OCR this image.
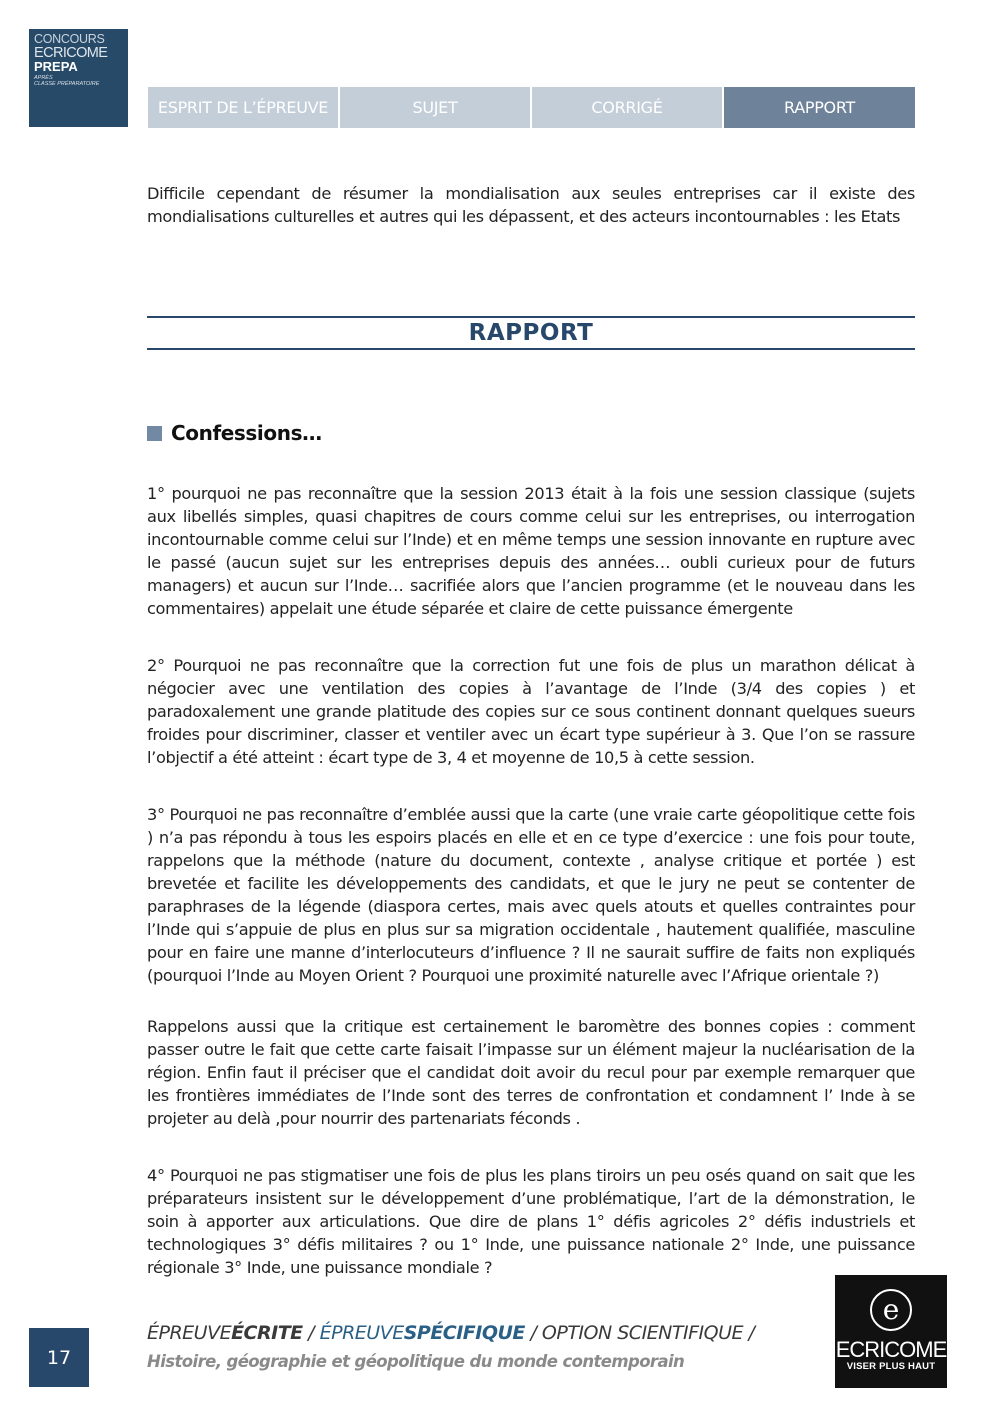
CONCOURS
ECRICOME
PREPA
APRÈS
CLASSE PRÉPARATOIRE
ESPRIT DE L’ÉPREUVE	SUJET	CORRIGÉ	RAPPORT

Difficile cependant de résumer la mondialisation aux seules entreprises car il existe des mondialisations culturelles et autres qui les dépassent, et des acteurs incontournables : les Etats

RAPPORT
Confessions…

1° pourquoi ne pas reconnaître que la session 2013 était à la fois une session classique (sujets aux libellés simples, quasi chapitres de cours comme celui sur les entreprises, ou interrogation incontournable comme celui sur l’Inde) et en même temps une session innovante en rupture avec le passé (aucun sujet sur les entreprises depuis des années… oubli curieux pour de futurs managers) et aucun sur l’Inde… sacrifiée alors que l’ancien programme (et le nouveau dans les commentaires) appelait une étude séparée et claire de cette puissance émergente

2° Pourquoi ne pas reconnaître que la correction fut une fois de plus un marathon délicat à négocier avec une ventilation des copies à l’avantage de l’Inde (3/4 des copies ) et paradoxalement une grande platitude des copies sur ce sous continent donnant quelques sueurs froides pour discriminer, classer et ventiler avec un écart type supérieur à 3. Que l’on se rassure l’objectif a été atteint : écart type de 3, 4 et moyenne de 10,5 à cette session.

3° Pourquoi ne pas reconnaître d’emblée aussi que la carte (une vraie carte géopolitique cette fois ) n’a pas répondu à tous les espoirs placés en elle et en ce type d’exercice : une fois pour toute, rappelons que la méthode (nature du document, contexte , analyse critique et portée ) est brevetée et facilite les développements des candidats, et que le jury ne peut se contenter de paraphrases de la légende (diaspora certes, mais avec quels atouts et quelles contraintes pour l’Inde qui s’appuie de plus en plus sur sa migration occidentale , hautement qualifiée, masculine pour en faire une manne d’interlocuteurs d’influence ? Il ne saurait suffire de faits non expliqués (pourquoi l’Inde au Moyen Orient ? Pourquoi une proximité naturelle avec l’Afrique orientale ?)

Rappelons aussi que la critique est certainement le baromètre des bonnes copies : comment passer outre le fait que cette carte faisait l’impasse sur un élément majeur la nucléarisation de la région. Enfin faut il préciser que el candidat doit avoir du recul pour par exemple remarquer que les frontières immédiates de l’Inde sont des terres de confrontation et condamnent l’ Inde à se projeter au delà ,pour nourrir des partenariats féconds .

4° Pourquoi ne pas stigmatiser une fois de plus les plans tiroirs un peu osés quand on sait que les préparateurs insistent sur le développement d’une problématique, l’art de la démonstration, le soin à apporter aux articulations. Que dire de plans 1° défis agricoles 2° défis industriels et technologiques 3° défis militaires ? ou 1° Inde, une puissance nationale 2° Inde, une puissance régionale 3° Inde, une puissance mondiale ?

17
ÉPREUVEÉCRITE / ÉPREUVESPÉCIFIQUE / OPTION SCIENTIFIQUE /
Histoire, géographie et géopolitique du monde contemporain
e
ECRICOME
VISER PLUS HAUT
